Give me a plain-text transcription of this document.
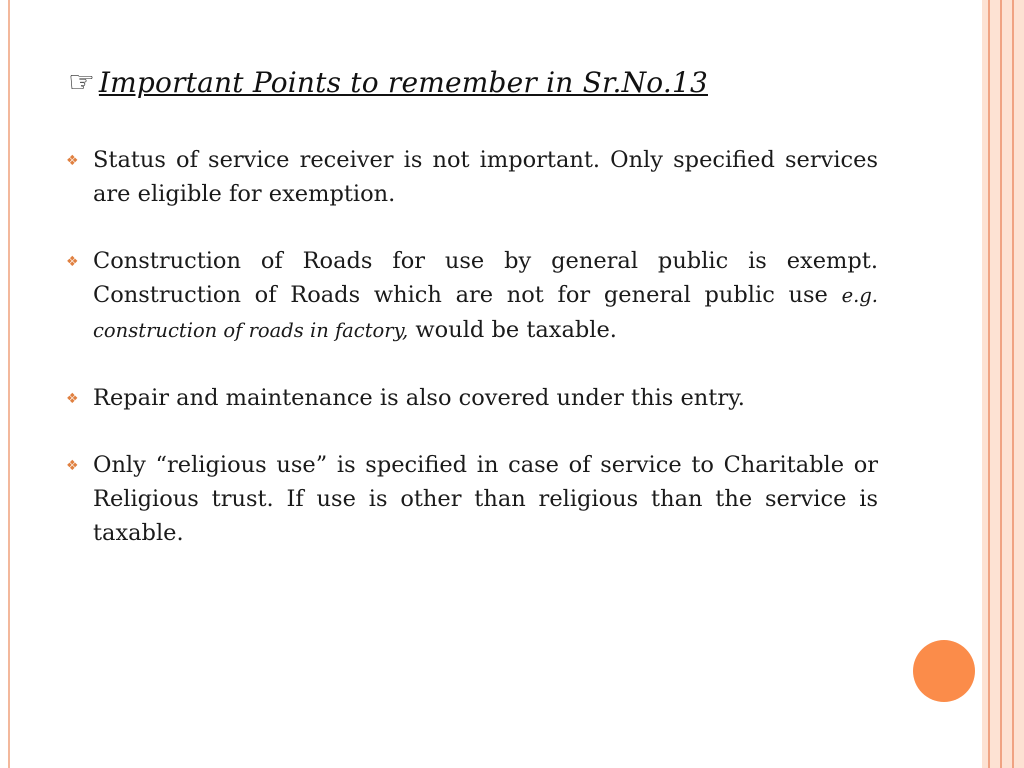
☞ Important Points to remember in Sr.No.13
❖ Status of service receiver is not important. Only specified services are eligible for exemption.
❖ Construction of Roads for use by general public is exempt. Construction of Roads which are not for general public use e.g. construction of roads in factory, would be taxable.
❖ Repair and maintenance is also covered under this entry.
❖ Only “religious use” is specified in case of service to Charitable or Religious trust. If use is other than religious than the service is taxable.
